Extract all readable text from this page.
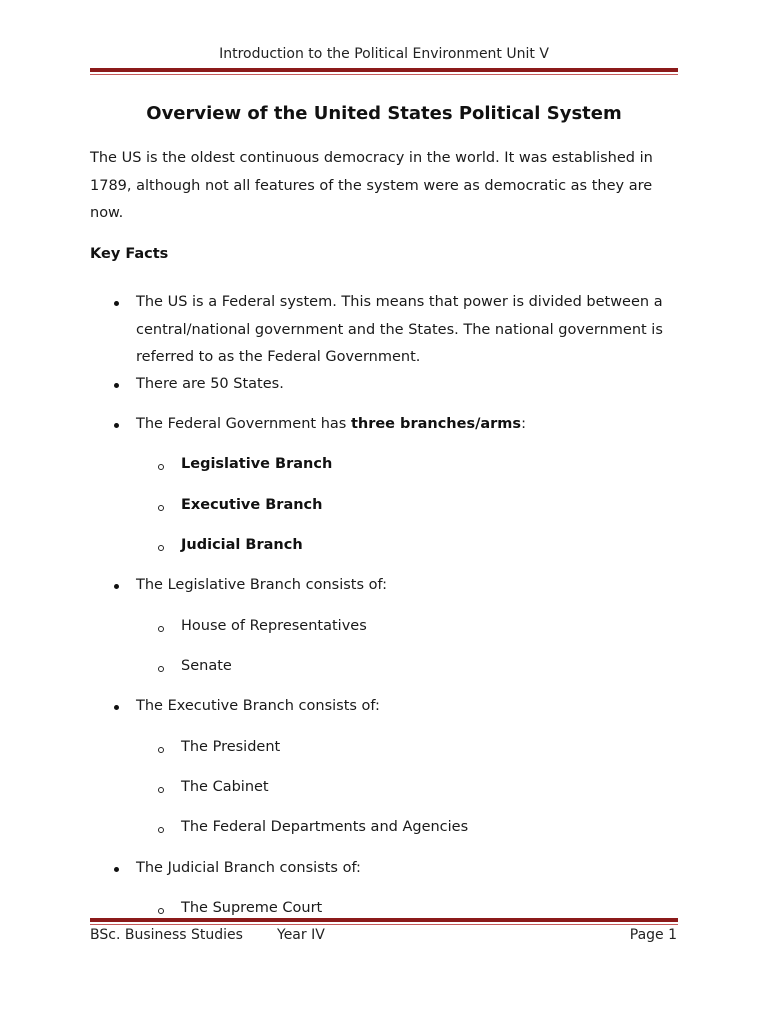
Introduction to the Political Environment Unit V
Overview of the United States Political System
The US is the oldest continuous democracy in the world. It was established in 1789, although not all features of the system were as democratic as they are now.
Key Facts
The US is a Federal system. This means that power is divided between a central/national government and the States. The national government is referred to as the Federal Government.
There are 50 States.
The Federal Government has three branches/arms:
Legislative Branch
Executive Branch
Judicial Branch
The Legislative Branch consists of:
House of Representatives
Senate
The Executive Branch consists of:
The President
The Cabinet
The Federal Departments and Agencies
The Judicial Branch consists of:
The Supreme Court
BSc. Business Studies Year IV	Page 1
